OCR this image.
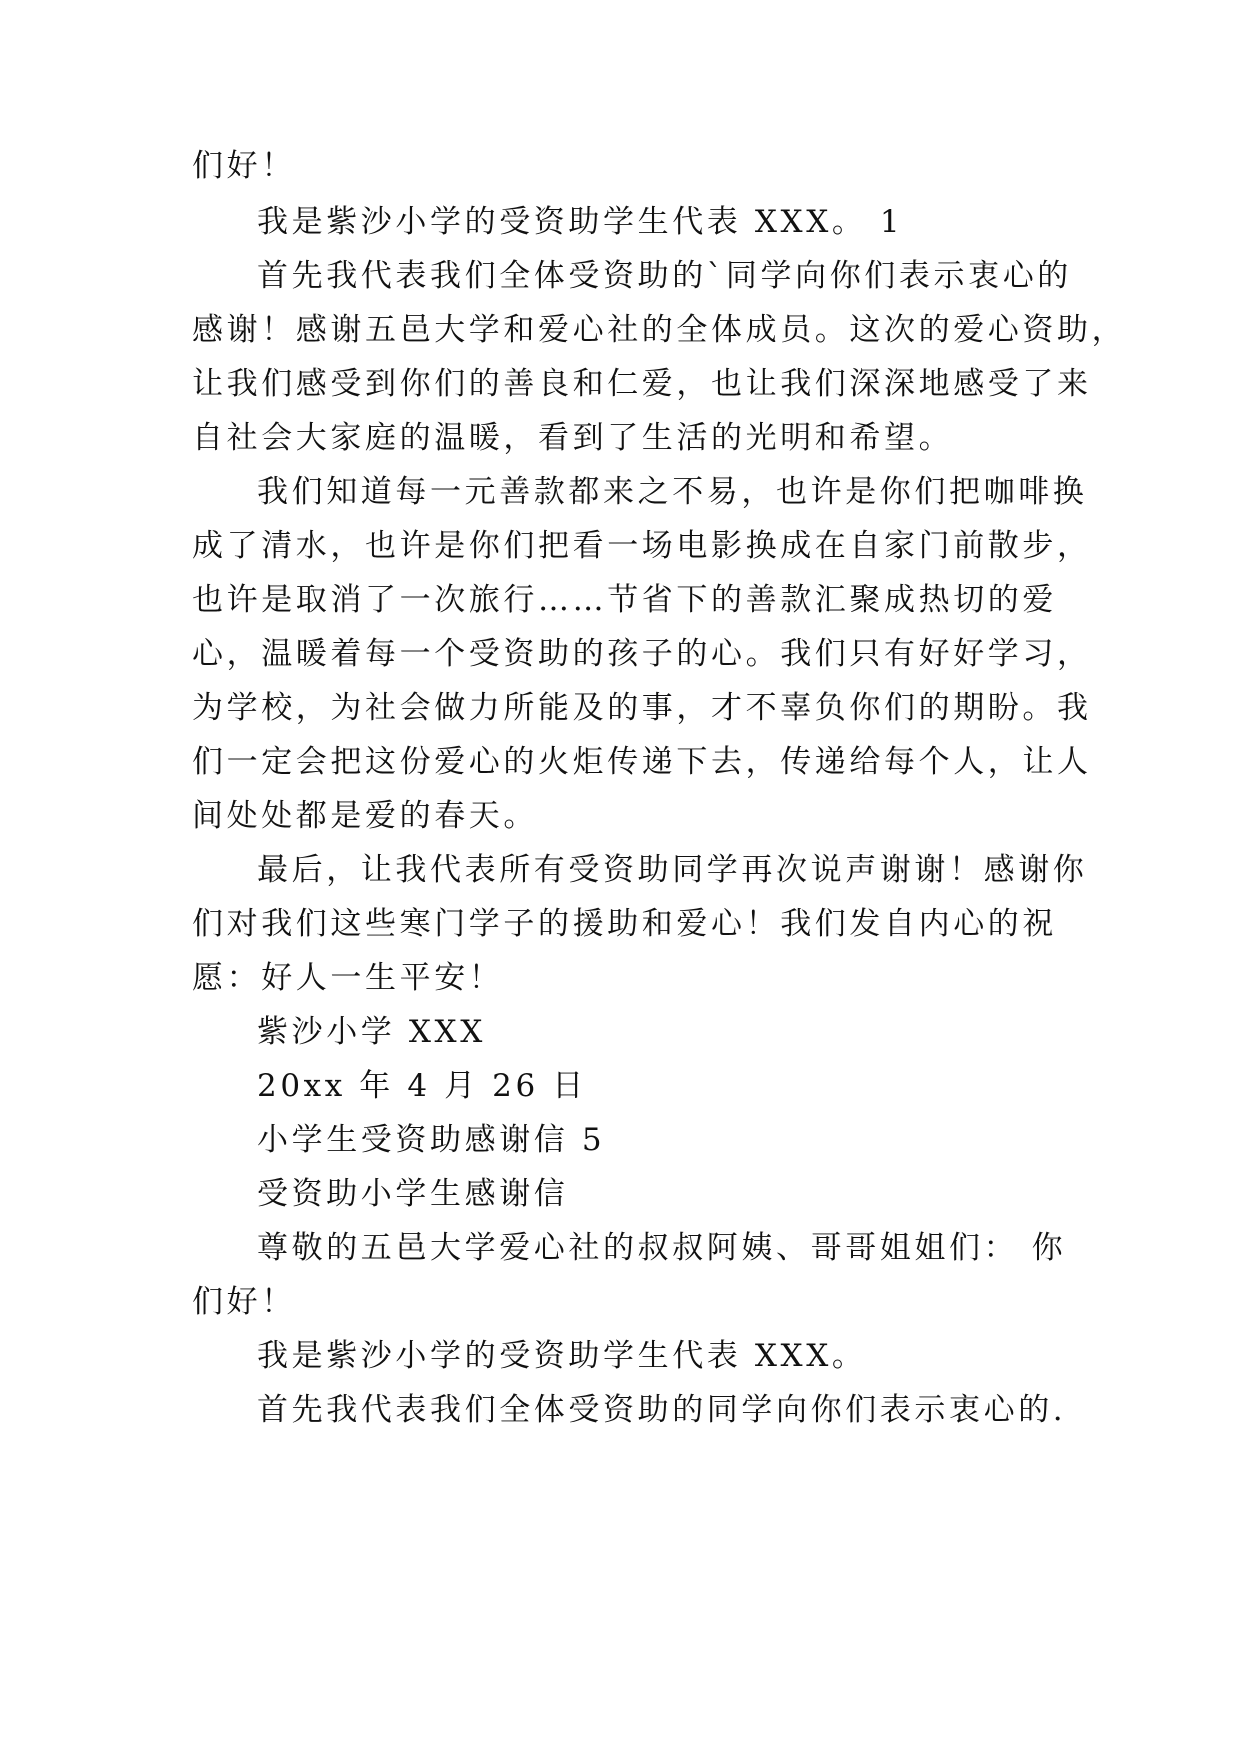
们好！
我是紫沙小学的受资助学生代表 XXX。 1
首先我代表我们全体受资助的`同学向你们表示衷心的
感谢！感谢五邑大学和爱心社的全体成员。这次的爱心资助，
让我们感受到你们的善良和仁爱，也让我们深深地感受了来
自社会大家庭的温暖，看到了生活的光明和希望。
我们知道每一元善款都来之不易，也许是你们把咖啡换
成了清水，也许是你们把看一场电影换成在自家门前散步，
也许是取消了一次旅行……节省下的善款汇聚成热切的爱
心，温暖着每一个受资助的孩子的心。我们只有好好学习，
为学校，为社会做力所能及的事，才不辜负你们的期盼。我
们一定会把这份爱心的火炬传递下去，传递给每个人，让人
间处处都是爱的春天。
最后，让我代表所有受资助同学再次说声谢谢！感谢你
们对我们这些寒门学子的援助和爱心！我们发自内心的祝
愿：好人一生平安！
紫沙小学 XXX
20xx 年 4 月 26 日
小学生受资助感谢信 5
受资助小学生感谢信
尊敬的五邑大学爱心社的叔叔阿姨、哥哥姐姐们： 你
们好！
我是紫沙小学的受资助学生代表 XXX。
首先我代表我们全体受资助的同学向你们表示衷心的.
